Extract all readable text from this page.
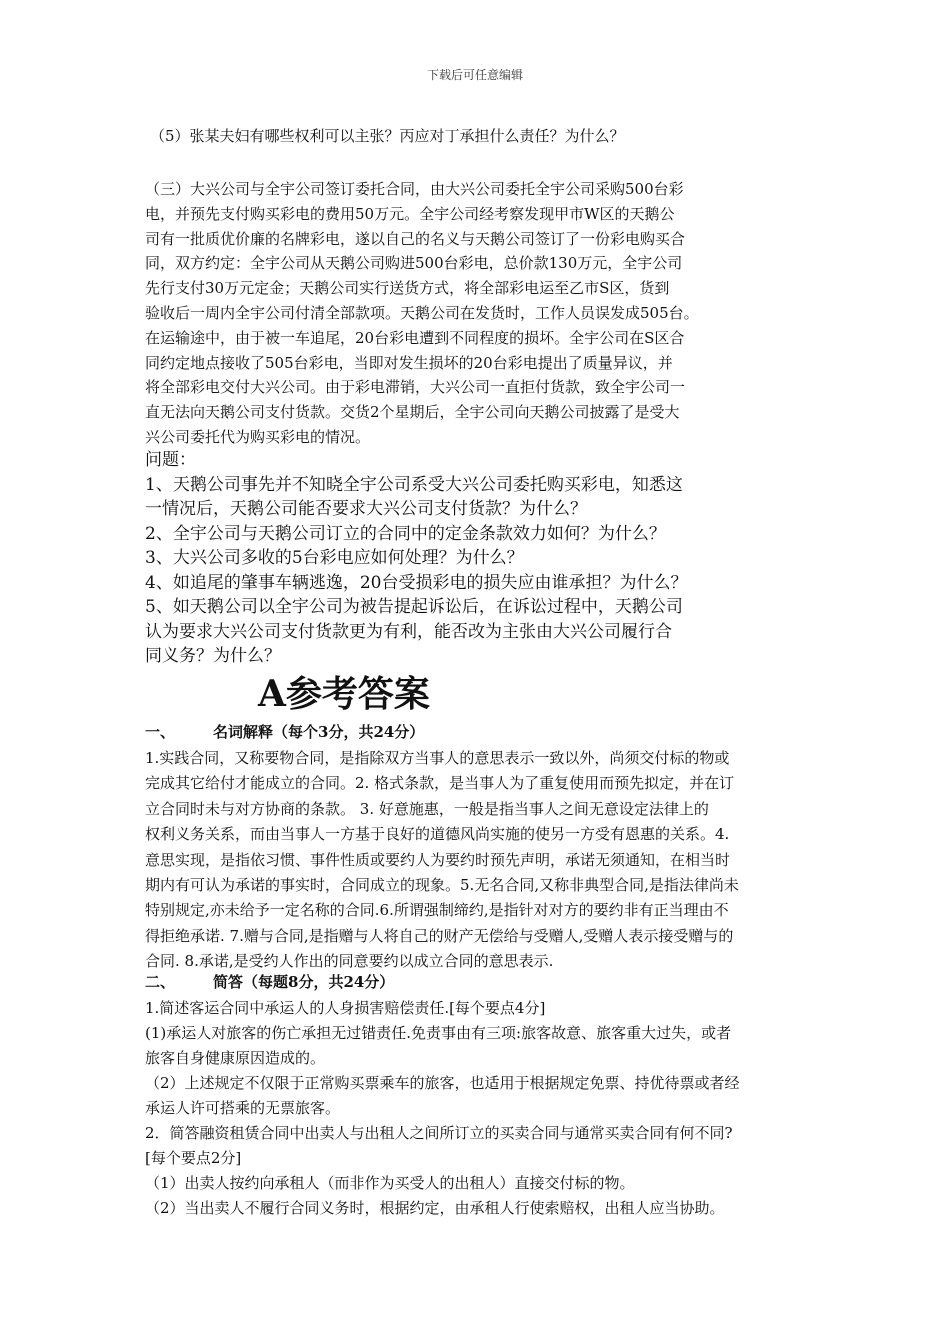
下载后可任意编辑
（5）张某夫妇有哪些权利可以主张？丙应对丁承担什么责任？为什么？

（三）大兴公司与全宇公司签订委托合同，由大兴公司委托全宇公司采购500台彩

电，并预先支付购买彩电的费用50万元。全宇公司经考察发现甲市W区的天鹅公

司有一批质优价廉的名牌彩电，遂以自己的名义与天鹅公司签订了一份彩电购买合

同，双方约定：全宇公司从天鹅公司购进500台彩电，总价款130万元，全宇公司

先行支付30万元定金；天鹅公司实行送货方式，将全部彩电运至乙市S区，货到

验收后一周内全宇公司付清全部款项。天鹅公司在发货时，工作人员误发成505台。

在运输途中，由于被一车追尾，20台彩电遭到不同程度的损坏。全宇公司在S区合

同约定地点接收了505台彩电，当即对发生损坏的20台彩电提出了质量异议，并

将全部彩电交付大兴公司。由于彩电滞销，大兴公司一直拒付货款，致全宇公司一

直无法向天鹅公司支付货款。交货2个星期后，全宇公司向天鹅公司披露了是受大

兴公司委托代为购买彩电的情况。

问题：

1、天鹅公司事先并不知晓全宇公司系受大兴公司委托购买彩电，知悉这

一情况后，天鹅公司能否要求大兴公司支付货款？为什么？

2、全宇公司与天鹅公司订立的合同中的定金条款效力如何？为什么？

3、大兴公司多收的5台彩电应如何处理？为什么？

4、如追尾的肇事车辆逃逸，20台受损彩电的损失应由谁承担？为什么？

5、如天鹅公司以全宇公司为被告提起诉讼后，在诉讼过程中，天鹅公司

认为要求大兴公司支付货款更为有利，能否改为主张由大兴公司履行合

同义务？为什么？

A参考答案
一、	名词解释（每个3分，共24分）

1.实践合同，又称要物合同，是指除双方当事人的意思表示一致以外，尚须交付标的物或

完成其它给付才能成立的合同。2. 格式条款，是当事人为了重复使用而预先拟定，并在订

立合同时未与对方协商的条款。 3. 好意施惠，一般是指当事人之间无意设定法律上的

权利义务关系，而由当事人一方基于良好的道德风尚实施的使另一方受有恩惠的关系。4.

意思实现，是指依习惯、事件性质或要约人为要约时预先声明，承诺无须通知，在相当时

期内有可认为承诺的事实时，合同成立的现象。5.无名合同,又称非典型合同,是指法律尚未

特别规定,亦未给予一定名称的合同.6.所谓强制缔约,是指针对对方的要约非有正当理由不

得拒绝承诺. 7.赠与合同,是指赠与人将自己的财产无偿给与受赠人,受赠人表示接受赠与的

合同. 8.承诺,是受约人作出的同意要约以成立合同的意思表示.

二、	简答（每题8分，共24分）

1.简述客运合同中承运人的人身损害赔偿责任.[每个要点4分]

(1)承运人对旅客的伤亡承担无过错责任.免责事由有三项:旅客故意、旅客重大过失，或者

旅客自身健康原因造成的。

（2）上述规定不仅限于正常购买票乘车的旅客，也适用于根据规定免票、持优待票或者经

承运人许可搭乘的无票旅客。

2．简答融资租赁合同中出卖人与出租人之间所订立的买卖合同与通常买卖合同有何不同?

[每个要点2分]

（1）出卖人按约向承租人（而非作为买受人的出租人）直接交付标的物。

（2）当出卖人不履行合同义务时，根据约定，由承租人行使索赔权，出租人应当协助。
